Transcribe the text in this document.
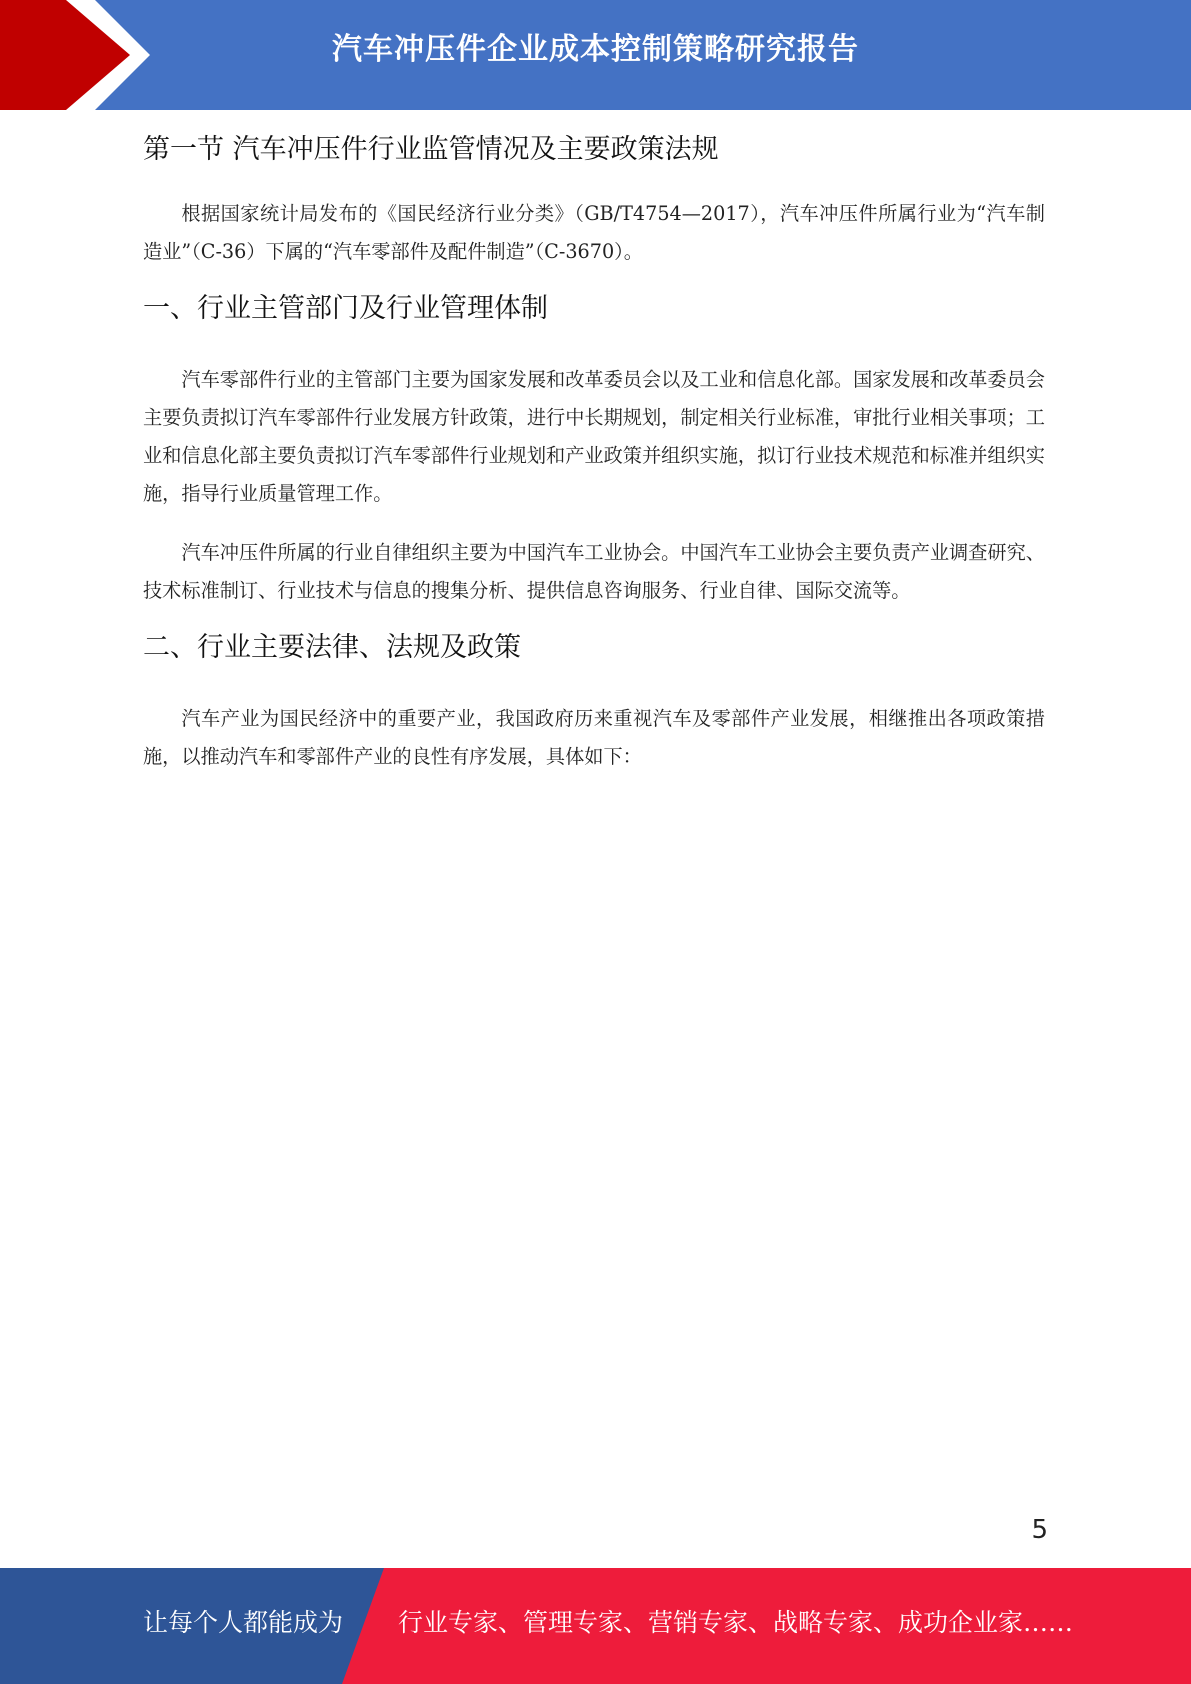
汽车冲压件企业成本控制策略研究报告
第一节 汽车冲压件行业监管情况及主要政策法规

根据国家统计局发布的《国民经济行业分类》（GB/T4754—2017），汽车冲压件所属行业为“汽车制造业”（C-36）下属的“汽车零部件及配件制造”（C-3670）。

一、行业主管部门及行业管理体制

汽车零部件行业的主管部门主要为国家发展和改革委员会以及工业和信息化部。国家发展和改革委员会主要负责拟订汽车零部件行业发展方针政策，进行中长期规划，制定相关行业标准，审批行业相关事项；工业和信息化部主要负责拟订汽车零部件行业规划和产业政策并组织实施，拟订行业技术规范和标准并组织实施，指导行业质量管理工作。

汽车冲压件所属的行业自律组织主要为中国汽车工业协会。中国汽车工业协会主要负责产业调查研究、技术标准制订、行业技术与信息的搜集分析、提供信息咨询服务、行业自律、国际交流等。

二、行业主要法律、法规及政策

汽车产业为国民经济中的重要产业，我国政府历来重视汽车及零部件产业发展，相继推出各项政策措施，以推动汽车和零部件产业的良性有序发展，具体如下：

5
让每个人都能成为 行业专家、管理专家、营销专家、战略专家、成功企业家……
